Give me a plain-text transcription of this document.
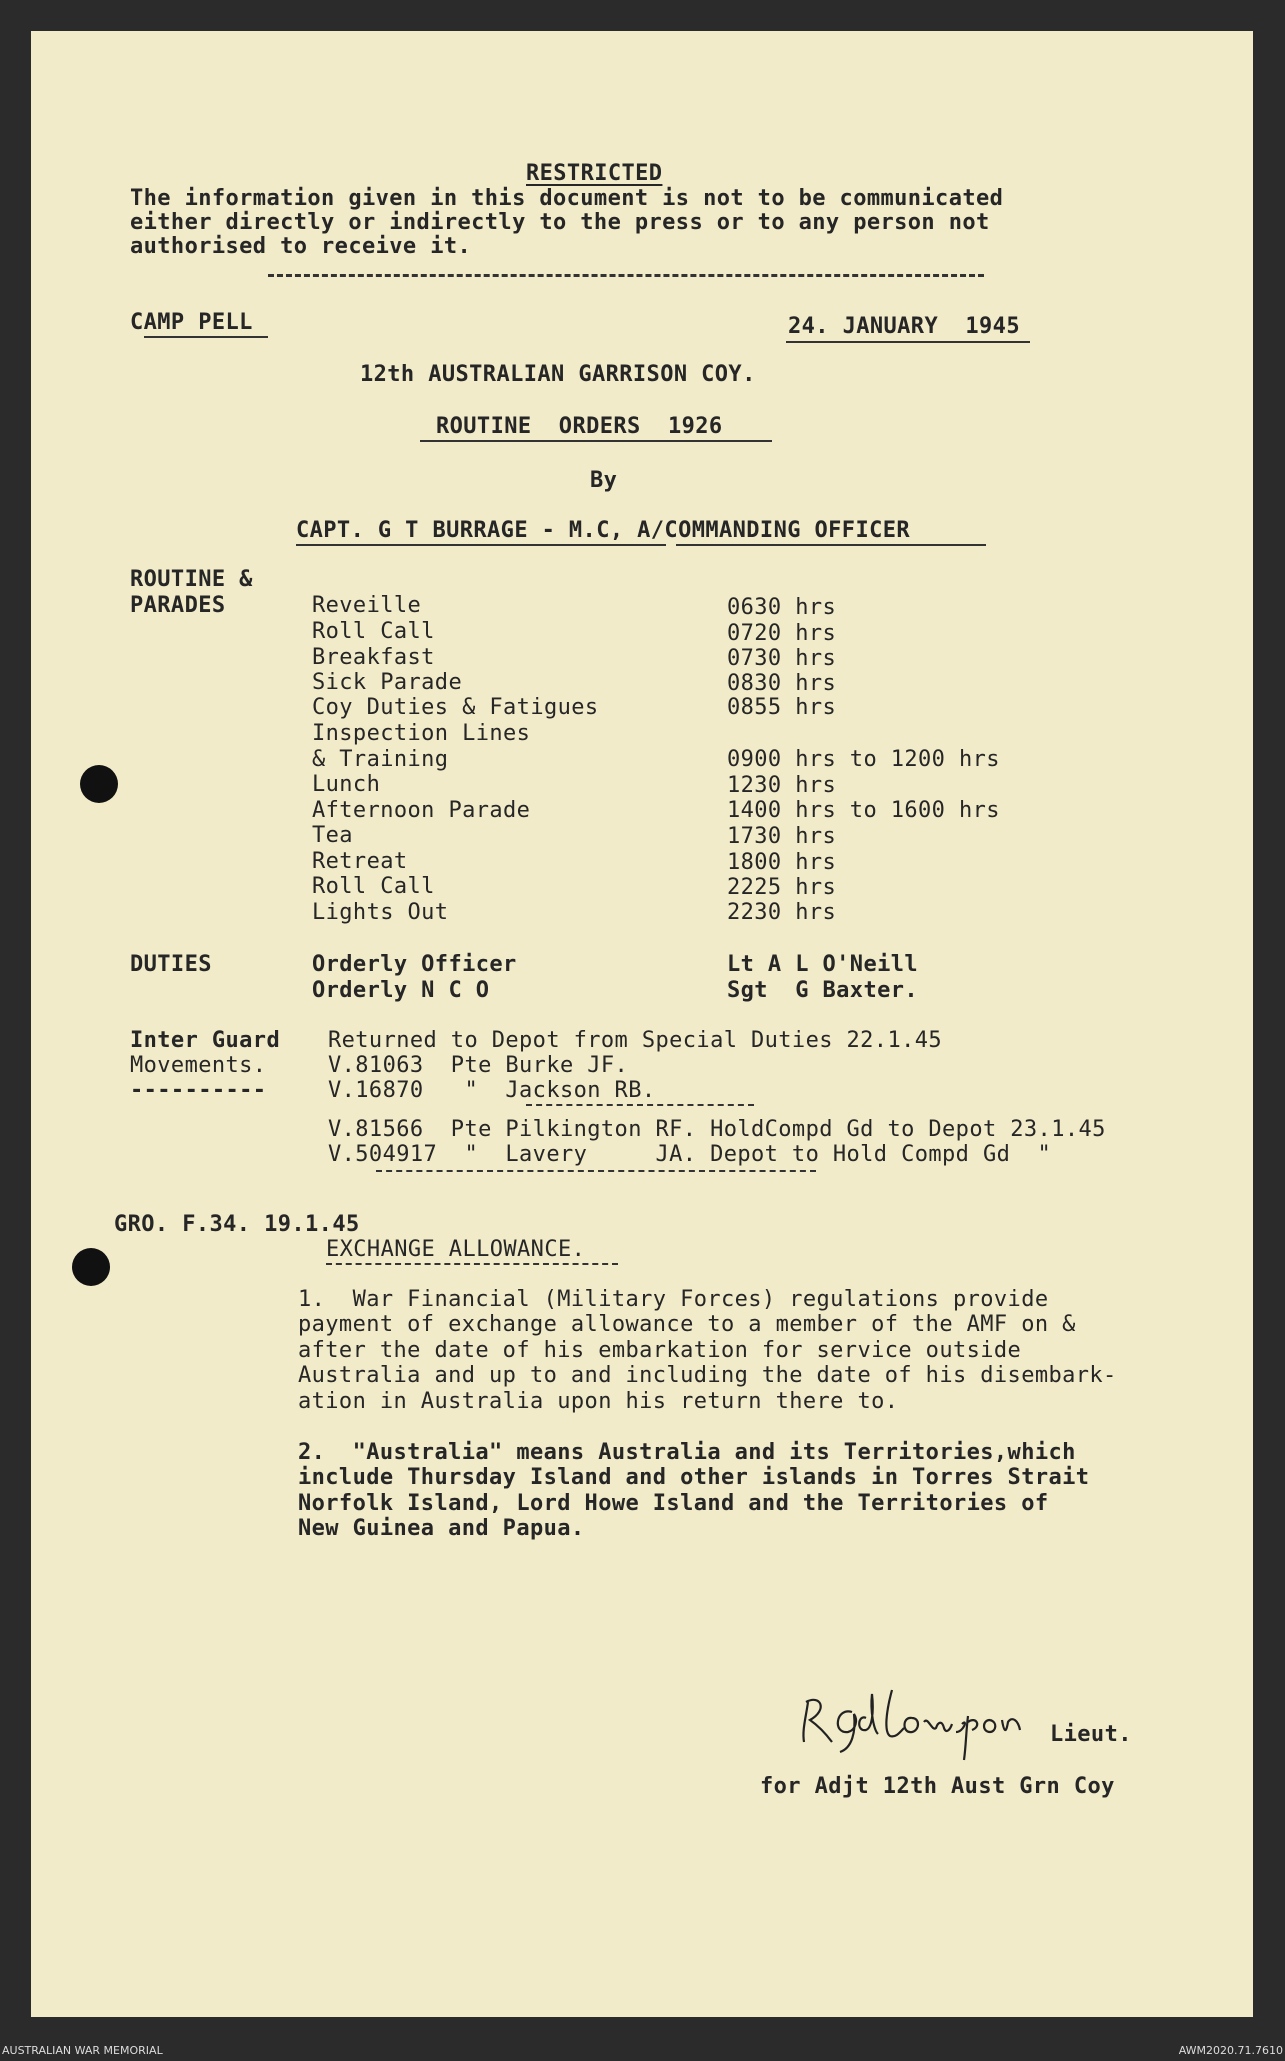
RESTRICTED
The information given in this document is not to be communicated
either directly or indirectly to the press or to any person not
authorised to receive it.
CAMP PELL	24. JANUARY  1945
12th AUSTRALIAN GARRISON COY.
ROUTINE  ORDERS  1926
By
CAPT. G T BURRAGE - M.C, A/COMMANDING OFFICER
ROUTINE &
PARADES	Reveille	0630 hrs
Roll Call	0720 hrs
Breakfast	0730 hrs
Sick Parade	0830 hrs
Coy Duties & Fatigues	0855 hrs
Inspection Lines
& Training	0900 hrs to 1200 hrs
Lunch	1230 hrs
Afternoon Parade	1400 hrs to 1600 hrs
Tea	1730 hrs
Retreat	1800 hrs
Roll Call	2225 hrs
Lights Out	2230 hrs
DUTIES	Orderly Officer	Lt A L O'Neill
Orderly N C O	Sgt  G Baxter.
Inter Guard
Movements.
----------
Returned to Depot from Special Duties 22.1.45
V.81063  Pte Burke JF.
V.16870   "  Jackson RB.
V.81566  Pte Pilkington RF. HoldCompd Gd to Depot 23.1.45
V.504917  "  Lavery     JA. Depot to Hold Compd Gd  "
GRO. F.34. 19.1.45
EXCHANGE ALLOWANCE.
1.  War Financial (Military Forces) regulations provide
payment of exchange allowance to a member of the AMF on &
after the date of his embarkation for service outside
Australia and up to and including the date of his disembark-
ation in Australia upon his return there to.
2.  "Australia" means Australia and its Territories,which
include Thursday Island and other islands in Torres Strait
Norfolk Island, Lord Howe Island and the Territories of
New Guinea and Papua.
RGdLomson
Lieut.
for Adjt 12th Aust Grn Coy
AUSTRALIAN WAR MEMORIAL	AWM2020.71.7610
